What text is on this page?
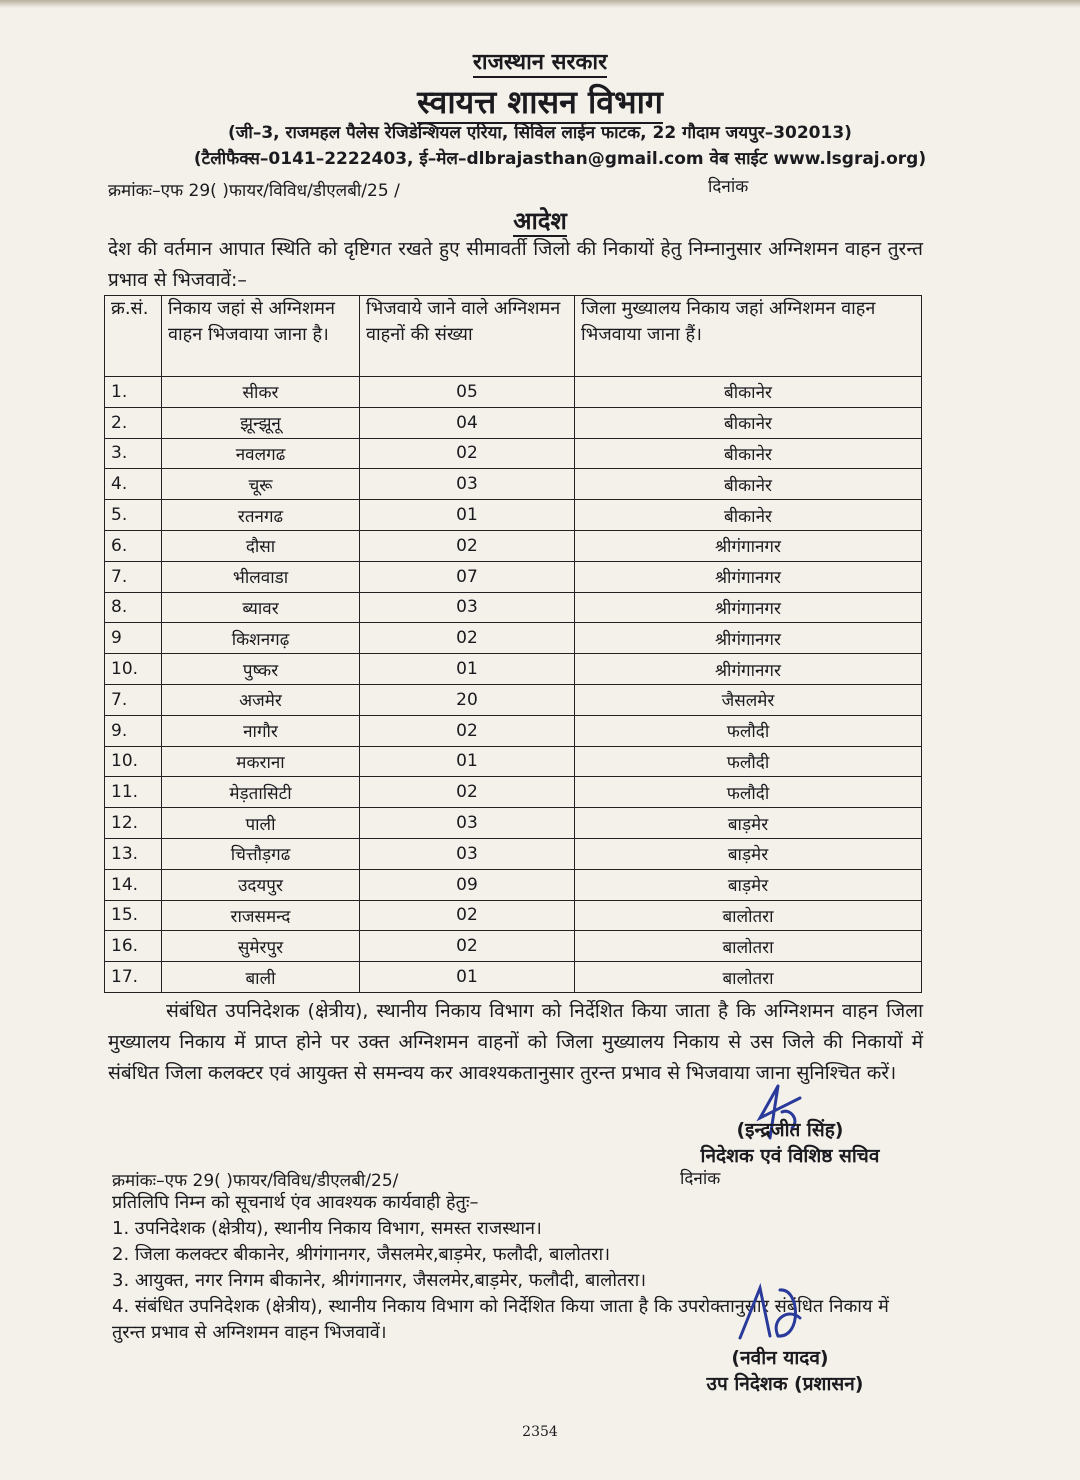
राजस्थान सरकार
स्वायत्त शासन विभाग
(जी–3, राजमहल पैलेस रेजिडेन्शियल एरिया, सिविल लाईन फाटक, 22 गौदाम जयपुर–302013)
(टैलीफैक्स–0141–2222403, ई–मेल–dlbrajasthan@gmail.com वेब साईट www.lsgraj.org)
क्रमांकः–एफ 29( )फायर/विविध/डीएलबी/25 /	दिनांक
आदेश
देश की वर्तमान आपात स्थिति को दृष्टिगत रखते हुए सीमावर्ती जिलो की निकायों हेतु निम्नानुसार अग्निशमन वाहन तुरन्त प्रभाव से भिजवावें:–
क्र.सं.	निकाय जहां से अग्निशमन वाहन भिजवाया जाना है।	भिजवाये जाने वाले अग्निशमन वाहनों की संख्या	जिला मुख्यालय निकाय जहां अग्निशमन वाहन भिजवाया जाना हैं।
1.	सीकर	05	बीकानेर
2.	झून्झूनू	04	बीकानेर
3.	नवलगढ	02	बीकानेर
4.	चूरू	03	बीकानेर
5.	रतनगढ	01	बीकानेर
6.	दौसा	02	श्रीगंगानगर
7.	भीलवाडा	07	श्रीगंगानगर
8.	ब्यावर	03	श्रीगंगानगर
9	किशनगढ़	02	श्रीगंगानगर
10.	पुष्कर	01	श्रीगंगानगर
7.	अजमेर	20	जैसलमेर
9.	नागौर	02	फलौदी
10.	मकराना	01	फलौदी
11.	मेड़तासिटी	02	फलौदी
12.	पाली	03	बाड़मेर
13.	चित्तौड़गढ	03	बाड़मेर
14.	उदयपुर	09	बाड़मेर
15.	राजसमन्द	02	बालोतरा
16.	सुमेरपुर	02	बालोतरा
17.	बाली	01	बालोतरा
संबंधित उपनिदेशक (क्षेत्रीय), स्थानीय निकाय विभाग को निर्देशित किया जाता है कि अग्निशमन वाहन जिला मुख्यालय निकाय में प्राप्त होने पर उक्त अग्निशमन वाहनों को जिला मुख्यालय निकाय से उस जिले की निकायों में संबंधित जिला कलक्टर एवं आयुक्त से समन्वय कर आवश्यकतानुसार तुरन्त प्रभाव से भिजवाया जाना सुनिश्चित करें।
(इन्द्रजीत सिंह)
निदेशक एवं विशिष्ठ सचिव
क्रमांकः–एफ 29( )फायर/विविध/डीएलबी/25/	दिनांक
प्रतिलिपि निम्न को सूचनार्थ एंव आवश्यक कार्यवाही हेतुः–
1. उपनिदेशक (क्षेत्रीय), स्थानीय निकाय विभाग, समस्त राजस्थान।
2. जिला कलक्टर बीकानेर, श्रीगंगानगर, जैसलमेर,बाड़मेर, फलौदी, बालोतरा।
3. आयुक्त, नगर निगम बीकानेर, श्रीगंगानगर, जैसलमेर,बाड़मेर, फलौदी, बालोतरा।
4. संबंधित उपनिदेशक (क्षेत्रीय), स्थानीय निकाय विभाग को निर्देशित किया जाता है कि उपरोक्तानुसार संबंधित निकाय में तुरन्त प्रभाव से अग्निशमन वाहन भिजवावें।
(नवीन यादव)
उप निदेशक (प्रशासन)
2354
